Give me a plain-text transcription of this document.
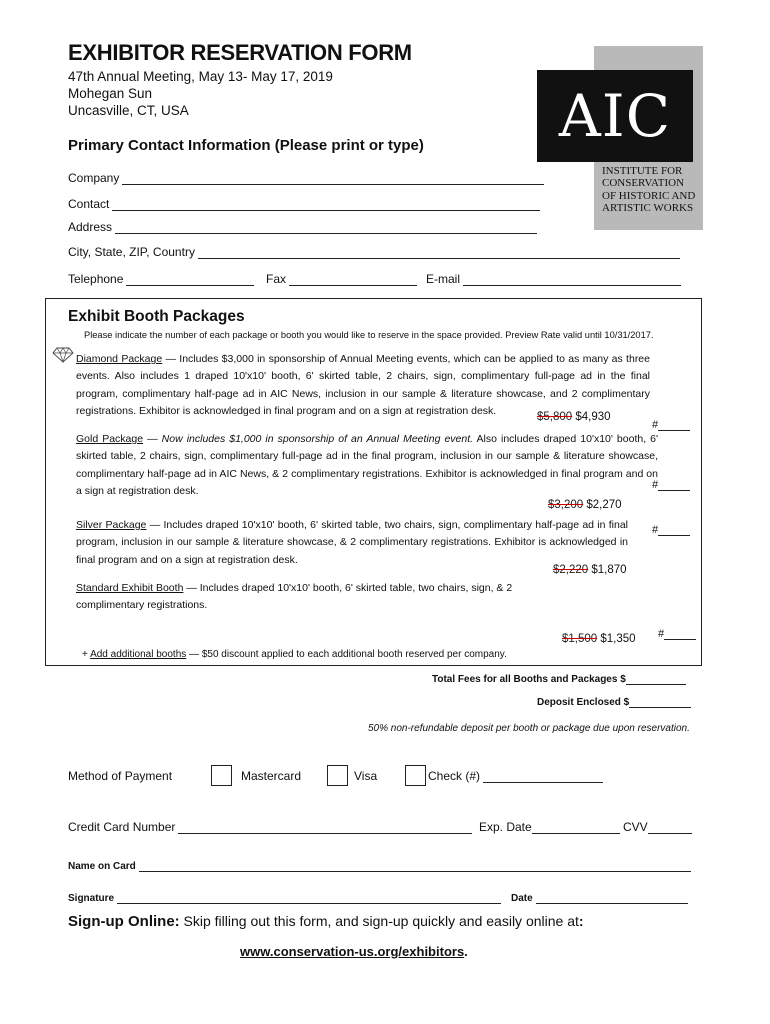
EXHIBITOR RESERVATION FORM
47th Annual Meeting, May 13- May 17, 2019
Mohegan Sun
Uncasville, CT, USA	AIC
AMERICAN
INSTITUTE FOR
CONSERVATION
OF HISTORIC AND
ARTISTIC WORKS
Primary Contact Information (Please print or type)
Company
Contact
Address
City, State, ZIP, Country
Telephone	Fax	E-mail
Exhibit Booth Packages
Please indicate the number of each package or booth you would like to reserve in the space provided. Preview Rate valid until 10/31/2017.
Diamond Package — Includes $3,000 in sponsorship of Annual Meeting events, which can be applied to as many as three events. Also includes 1 draped 10'x10' booth, 6' skirted table, 2 chairs, sign, complimentary full-page ad in the final program, complimentary half-page ad in AIC News, inclusion in our sample & literature showcase, and 2 complimentary registrations. Exhibitor is acknowledged in final program and on a sign at registration desk.
$5,800 $4,930
#
Gold Package — Now includes $1,000 in sponsorship of an Annual Meeting event. Also includes draped 10'x10' booth, 6' skirted table, 2 chairs, sign, complimentary full-page ad in the final program, inclusion in our sample & literature showcase, complimentary half-page ad in AIC News, & 2 complimentary registrations. Exhibitor is acknowledged in final program and on a sign at registration desk.
$3,200 $2,270
#
Silver Package — Includes draped 10'x10' booth, 6' skirted table, two chairs, sign, complimentary half-page ad in final program, inclusion in our sample & literature showcase, & 2 complimentary registrations. Exhibitor is acknowledged in final program and on a sign at registration desk.
$2,220 $1,870
#
Standard Exhibit Booth — Includes draped 10'x10' booth, 6' skirted table, two chairs, sign, & 2 complimentary registrations.
$1,500 $1,350 #
+ Add additional booths — $50 discount applied to each additional booth reserved per company.
Total Fees for all Booths and Packages $
Deposit Enclosed $
50% non-refundable deposit per booth or package due upon reservation.
Method of Payment	Mastercard	Visa	Check (#)
Credit Card Number	Exp. Date	CVV
Name on Card
Signature	Date
Sign-up Online: Skip filling out this form, and sign-up quickly and easily online at:
www.conservation-us.org/exhibitors.
